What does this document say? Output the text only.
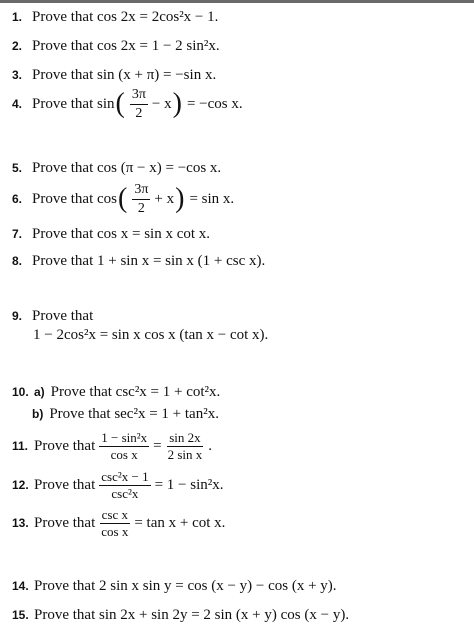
1. Prove that cos 2x = 2cos²x − 1.
2. Prove that cos 2x = 1 − 2 sin²x.
3. Prove that sin (x + π) = −sin x.
4. Prove that sin ( $\frac{3\pi}{2} - x$ ) = −cos x.
5. Prove that cos (π − x) = −cos x.
6. Prove that cos ( $\frac{3\pi}{2} + x$ ) = sin x.
7. Prove that cos x = sin x cot x.
8. Prove that 1 + sin x = sin x (1 + csc x).
9. Prove that
1 − 2cos²x = sin x cos x (tan x − cot x).
10. a) Prove that csc²x = 1 + cot²x.
b) Prove that sec²x = 1 + tan²x.
11. Prove that $\frac{\text{1 − sin²x}}{\text{cos x}} = \frac{\sin 2x}{\text{2 sin x}}$ .
12. Prove that $\frac{\text{csc²x − 1}}{\text{csc²x}} = 1 - \sin^2x$.
13. Prove that $\frac{\text{csc x}}{\text{cos x}} = \tan x + \cot x$.
14. Prove that 2 sin x sin y = cos (x − y) − cos (x + y).
15. Prove that sin 2x + sin 2y = 2 sin (x + y) cos (x − y).
